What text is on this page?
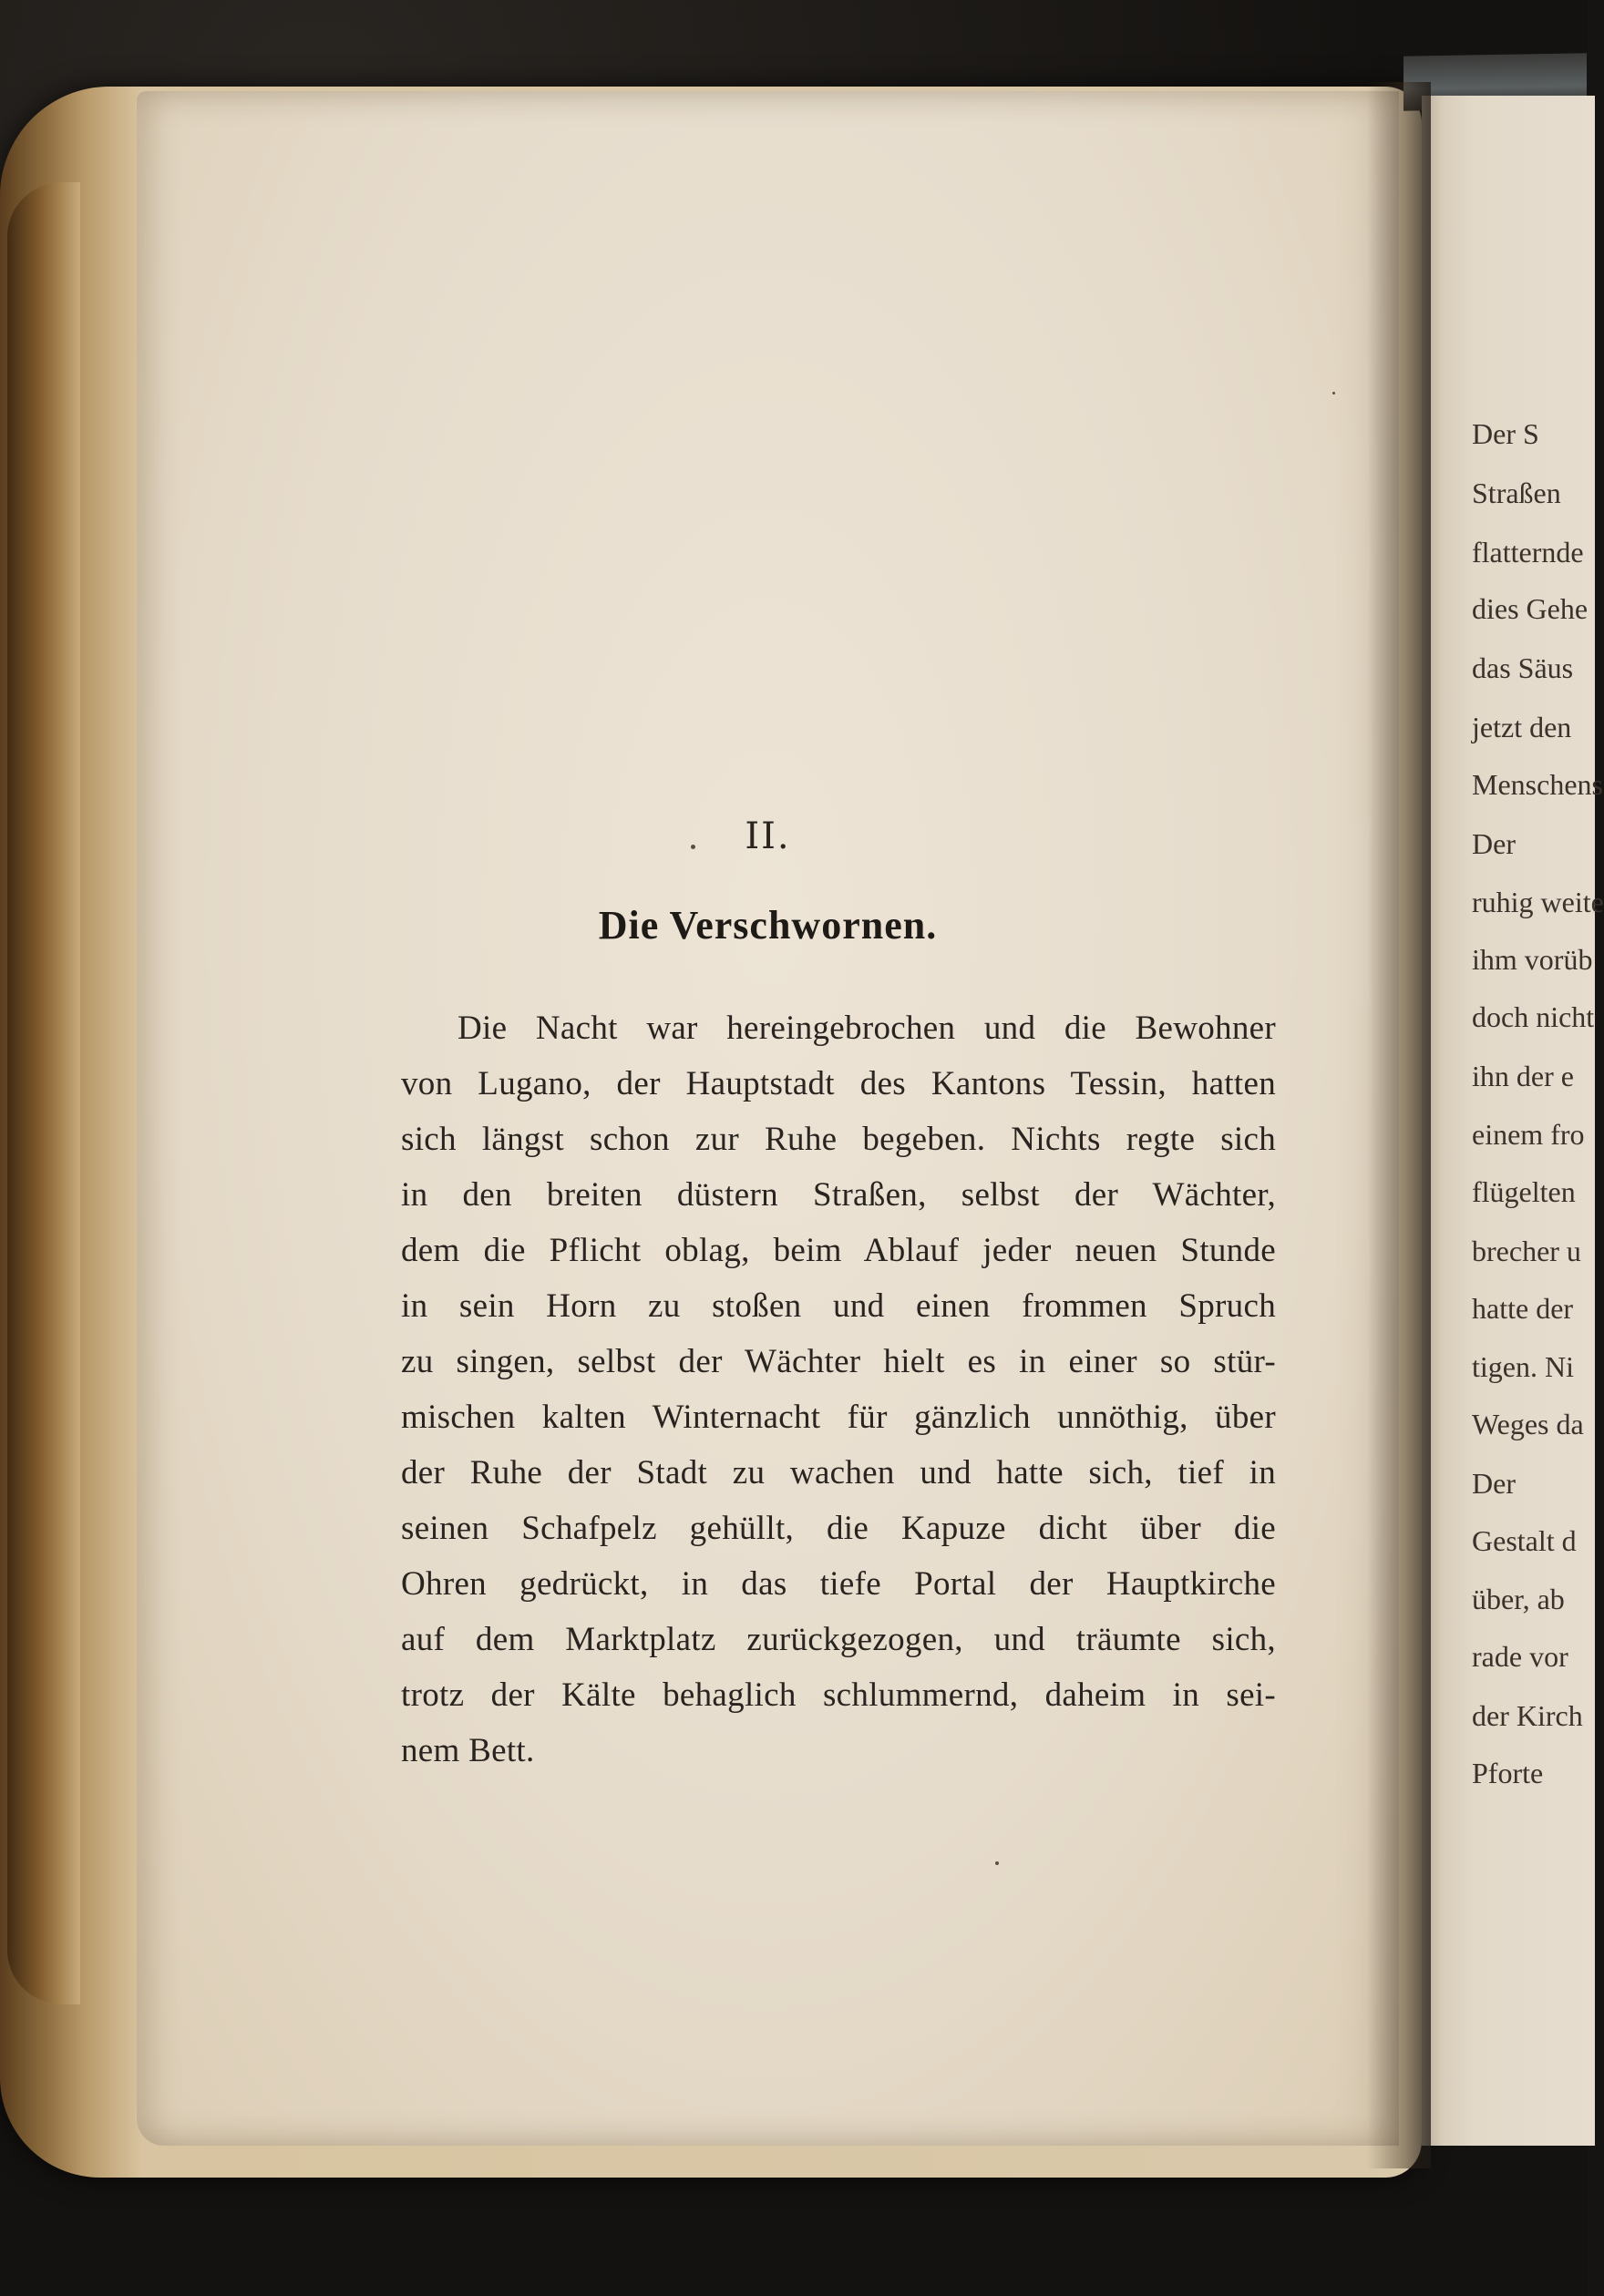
II.
Die Verschwornen.
Die Nacht war hereingebrochen und die Bewohner
von Lugano, der Hauptstadt des Kantons Tessin, hatten
sich längst schon zur Ruhe begeben. Nichts regte sich
in den breiten düstern Straßen, selbst der Wächter,
dem die Pflicht oblag, beim Ablauf jeder neuen Stunde
in sein Horn zu stoßen und einen frommen Spruch
zu singen, selbst der Wächter hielt es in einer so stür-
mischen kalten Winternacht für gänzlich unnöthig, über
der Ruhe der Stadt zu wachen und hatte sich, tief in
seinen Schafpelz gehüllt, die Kapuze dicht über die
Ohren gedrückt, in das tiefe Portal der Hauptkirche
auf dem Marktplatz zurückgezogen, und träumte sich,
trotz der Kälte behaglich schlummernd, daheim in sei-
nem Bett.
Der S
Straßen
flatternde
dies Gehe
das Säus
jetzt den
Menschens
Der
ruhig weite
ihm vorüb
doch nicht
ihn der e
einem fro
flügelten
brecher u
hatte der
tigen. Ni
Weges da
Der
Gestalt d
über, ab
rade vor
der Kirch
Pforte
